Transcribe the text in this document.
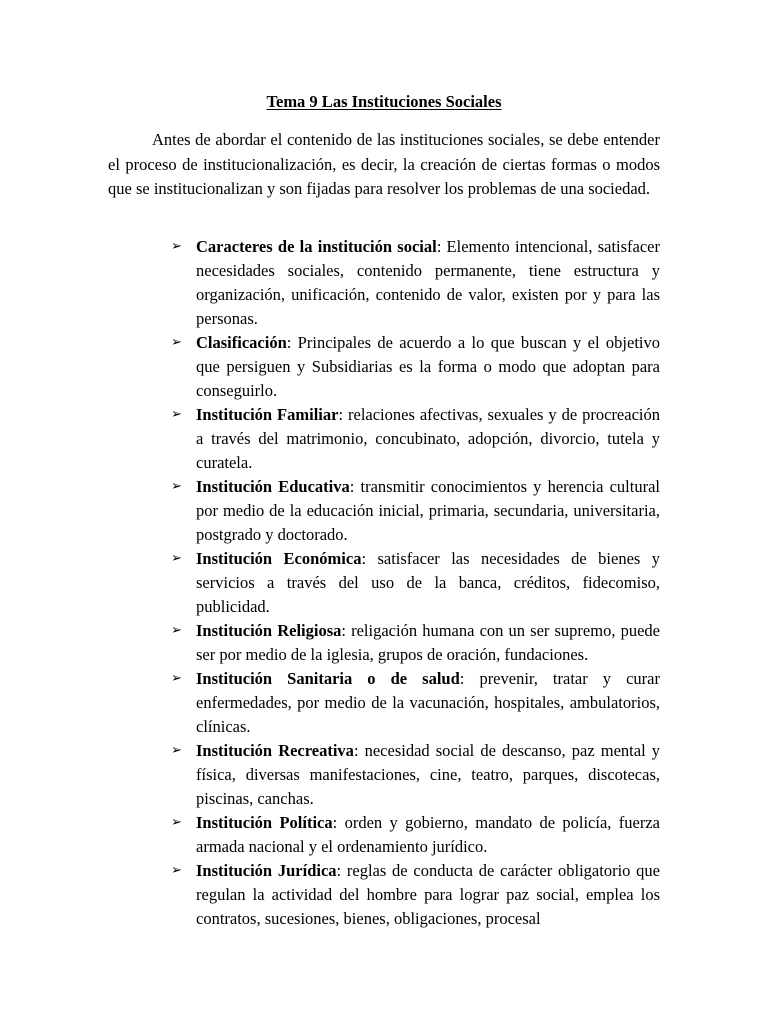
Tema 9 Las Instituciones Sociales

Antes de abordar el contenido de las instituciones sociales, se debe entender el proceso de institucionalización, es decir, la creación de ciertas formas o modos que se institucionalizan y son fijadas para resolver los problemas de una sociedad.

➢ Caracteres de la institución social: Elemento intencional, satisfacer necesidades sociales, contenido permanente, tiene estructura y organización, unificación, contenido de valor, existen por y para las personas.
➢ Clasificación: Principales de acuerdo a lo que buscan y el objetivo que persiguen y Subsidiarias es la forma o modo que adoptan para conseguirlo.
➢ Institución Familiar: relaciones afectivas, sexuales y de procreación a través del matrimonio, concubinato, adopción, divorcio, tutela y curatela.
➢ Institución Educativa: transmitir conocimientos y herencia cultural por medio de la educación inicial, primaria, secundaria, universitaria, postgrado y doctorado.
➢ Institución Económica: satisfacer las necesidades de bienes y servicios a través del uso de la banca, créditos, fidecomiso, publicidad.
➢ Institución Religiosa: religación humana con un ser supremo, puede ser por medio de la iglesia, grupos de oración, fundaciones.
➢ Institución Sanitaria o de salud: prevenir, tratar y curar enfermedades, por medio de la vacunación, hospitales, ambulatorios, clínicas.
➢ Institución Recreativa: necesidad social de descanso, paz mental y física, diversas manifestaciones, cine, teatro, parques, discotecas, piscinas, canchas.
➢ Institución Política: orden y gobierno, mandato de policía, fuerza armada nacional y el ordenamiento jurídico.
➢ Institución Jurídica: reglas de conducta de carácter obligatorio que regulan la actividad del hombre para lograr paz social, emplea los contratos, sucesiones, bienes, obligaciones, procesal
